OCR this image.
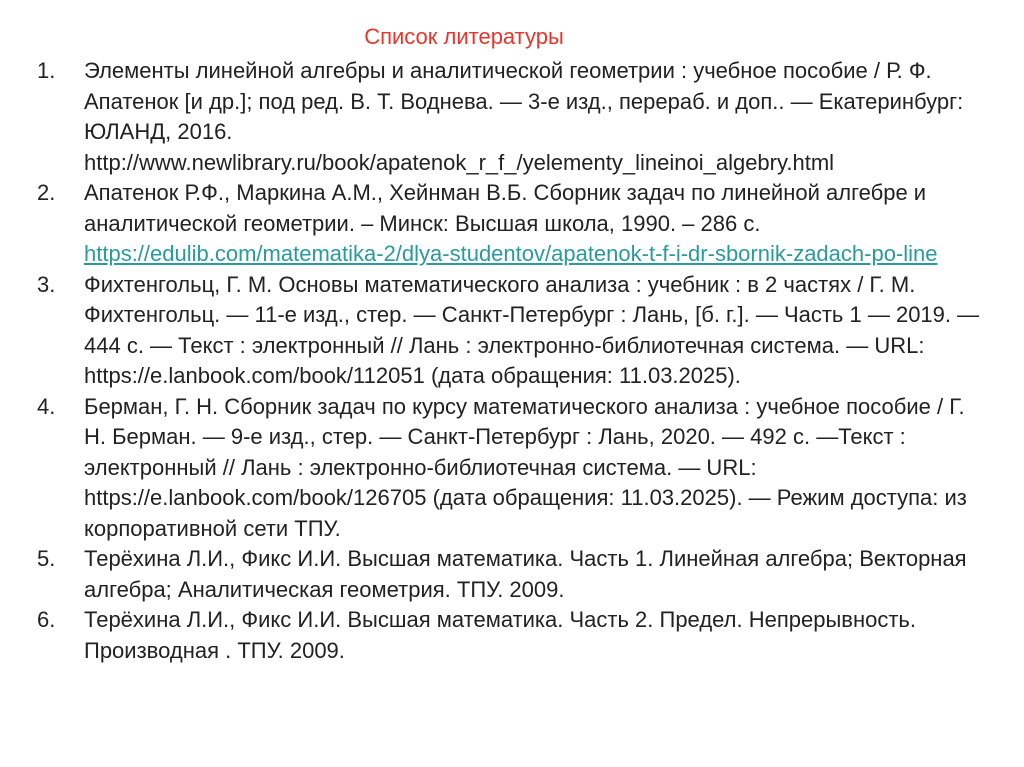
Список литературы
1. Элементы линейной алгебры и аналитической геометрии : учебное пособие / Р. Ф. Апатенок [и др.]; под ред. В. Т. Воднева. — 3-е изд., перераб. и доп.. — Екатеринбург: ЮЛАНД, 2016. http://www.newlibrary.ru/book/apatenok_r_f_/yelementy_lineinoi_algebry.html
2. Апатенок Р.Ф., Маркина А.М., Хейнман В.Б. Сборник задач по линейной алгебре и аналитической геометрии. – Минск: Высшая школа, 1990. – 286 с. https://edulib.com/matematika-2/dlya-studentov/apatenok-t-f-i-dr-sbornik-zadach-po-line
3. Фихтенгольц, Г. М. Основы математического анализа : учебник : в 2 частях / Г. М. Фихтенгольц. — 11-е изд., стер. — Санкт-Петербург : Лань, [б. г.]. — Часть 1 — 2019. — 444 с. — Текст : электронный // Лань : электронно-библиотечная система. — URL: https://e.lanbook.com/book/112051 (дата обращения: 11.03.2025).
4. Берман, Г. Н. Сборник задач по курсу математического анализа : учебное пособие / Г. Н. Берман. — 9-е изд., стер. — Санкт-Петербург : Лань, 2020. — 492 с. —Текст : электронный // Лань : электронно-библиотечная система. — URL: https://e.lanbook.com/book/126705 (дата обращения: 11.03.2025). — Режим доступа: из корпоративной сети ТПУ.
5. Терёхина Л.И., Фикс И.И. Высшая математика. Часть 1. Линейная алгебра; Векторная алгебра; Аналитическая геометрия. ТПУ. 2009.
6. Терёхина Л.И., Фикс И.И. Высшая математика. Часть 2. Предел. Непрерывность. Производная . ТПУ. 2009.
